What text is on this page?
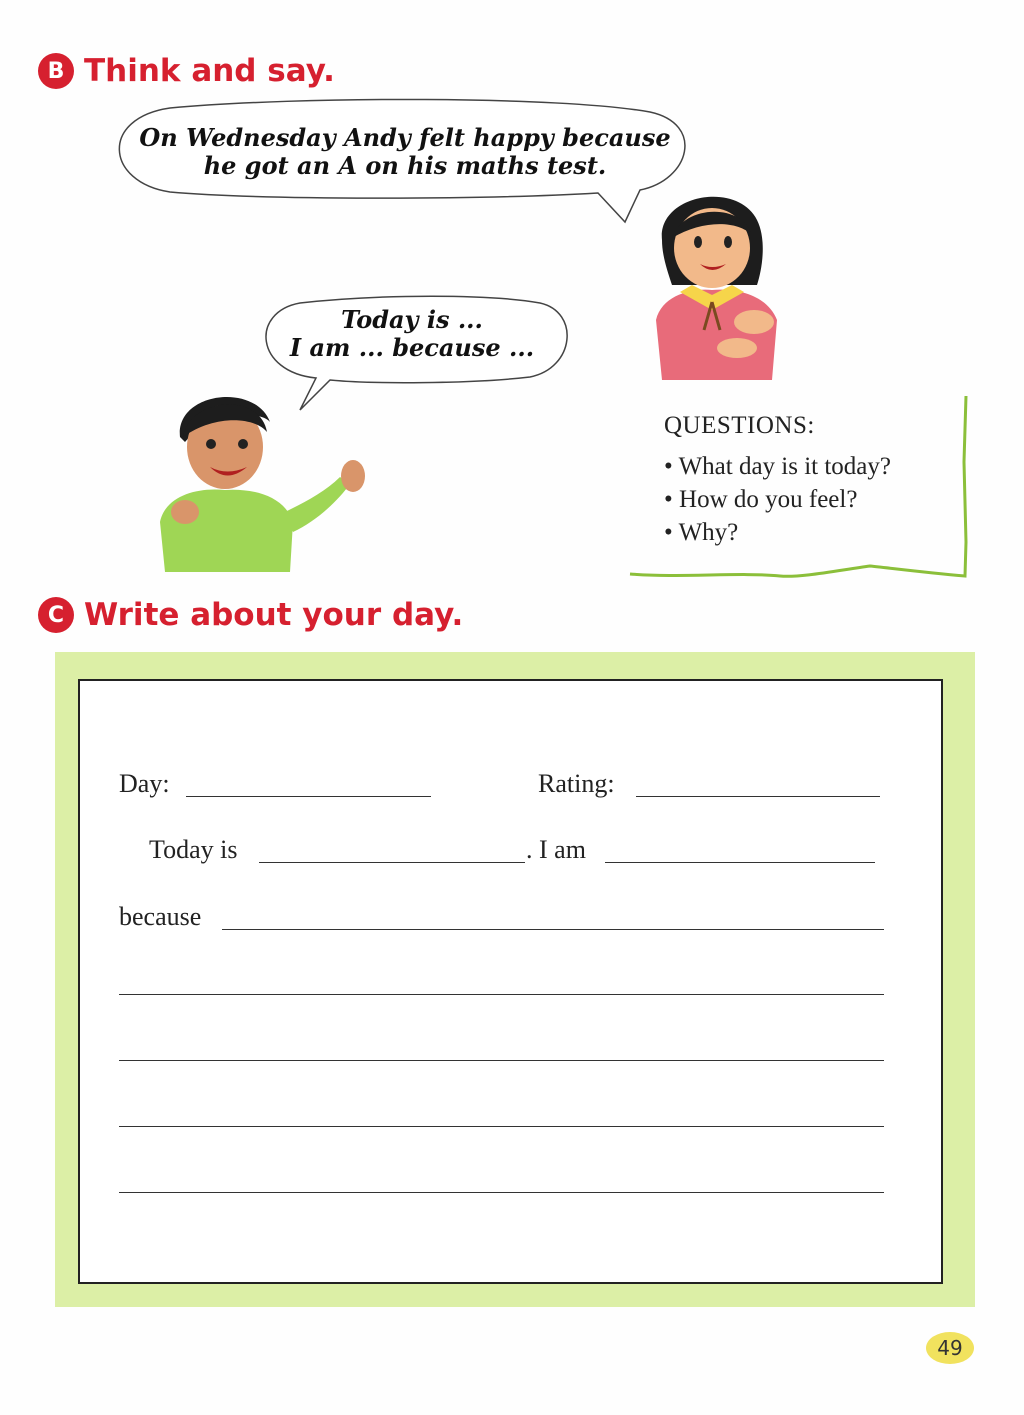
B Think and say.
On Wednesday Andy felt happy because
he got an A on his maths test.
Today is ...
I am ... because ...
QUESTIONS:
• What day is it today?
• How do you feel?
• Why?
C Write about your day.
Day:	Rating:
Today is	. I am
because
49
